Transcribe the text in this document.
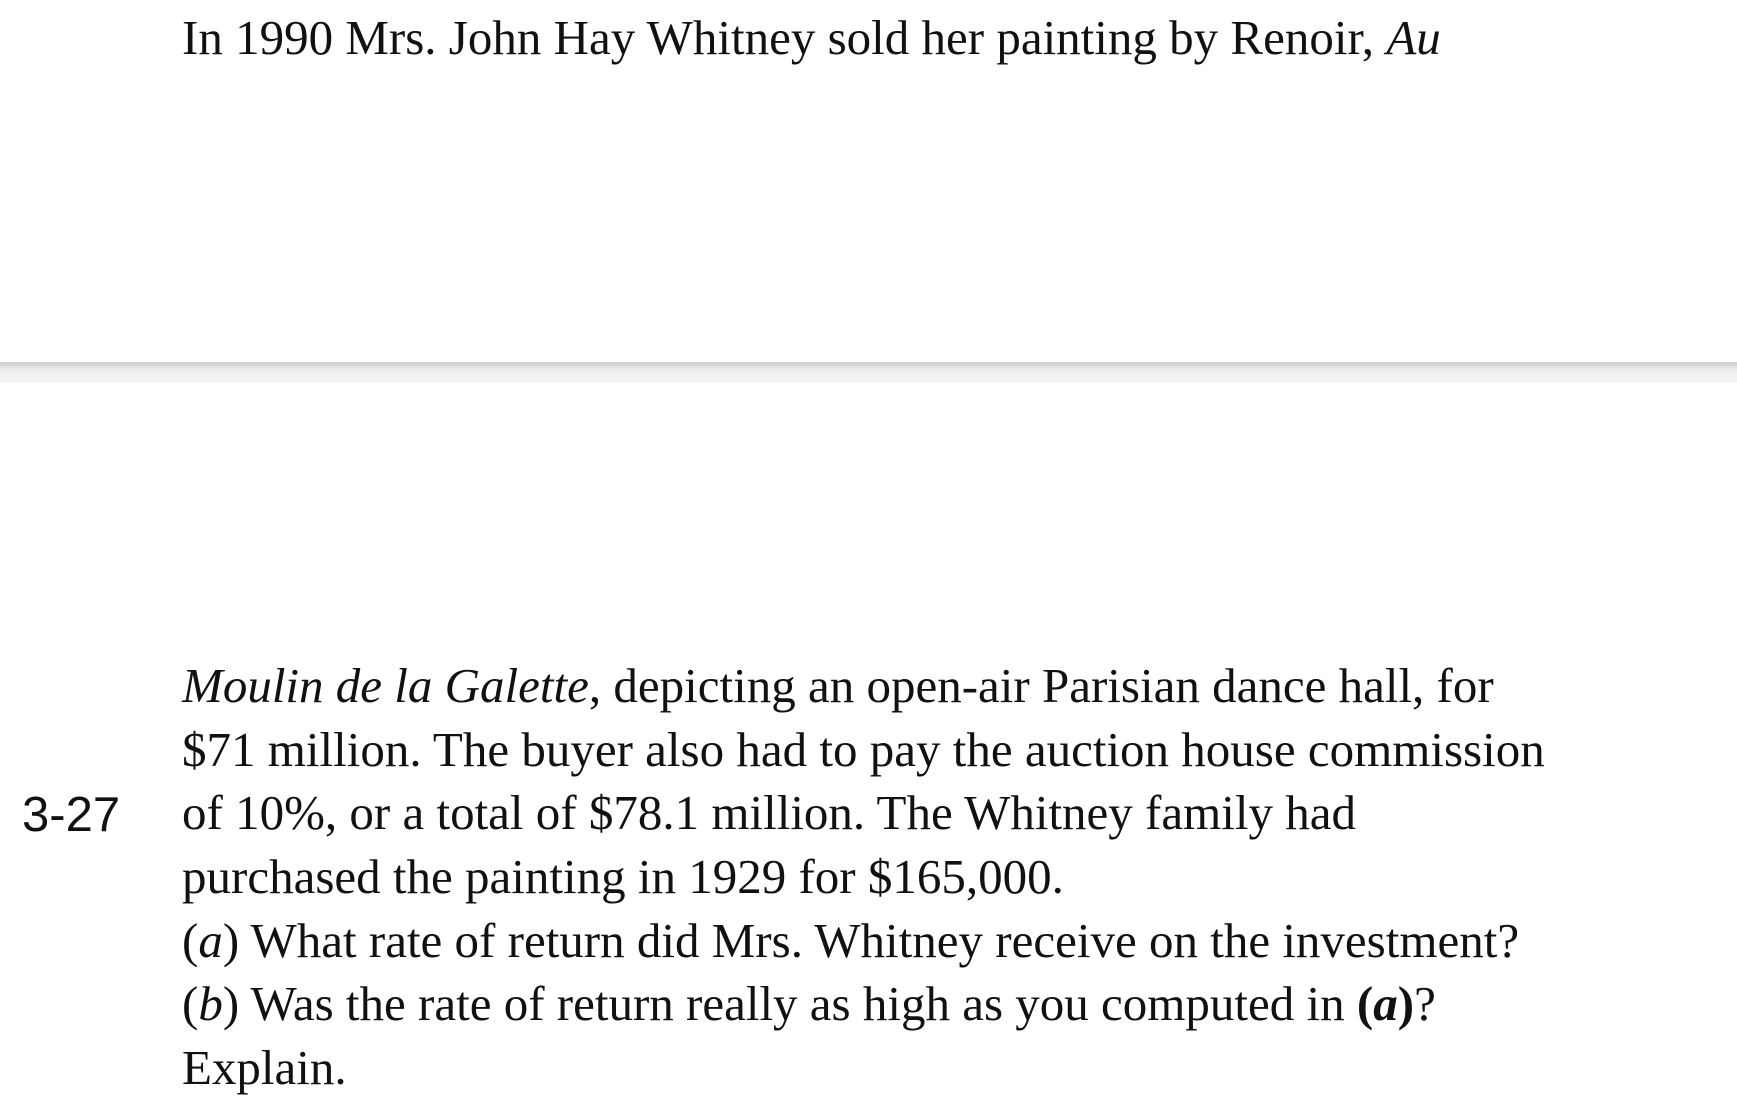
In 1990 Mrs. John Hay Whitney sold her painting by Renoir, Au
3-27
Moulin de la Galette, depicting an open-air Parisian dance hall, for
$71 million. The buyer also had to pay the auction house commission
of 10%, or a total of $78.1 million. The Whitney family had
purchased the painting in 1929 for $165,000.
(a) What rate of return did Mrs. Whitney receive on the investment?
(b) Was the rate of return really as high as you computed in (a)?
Explain.
